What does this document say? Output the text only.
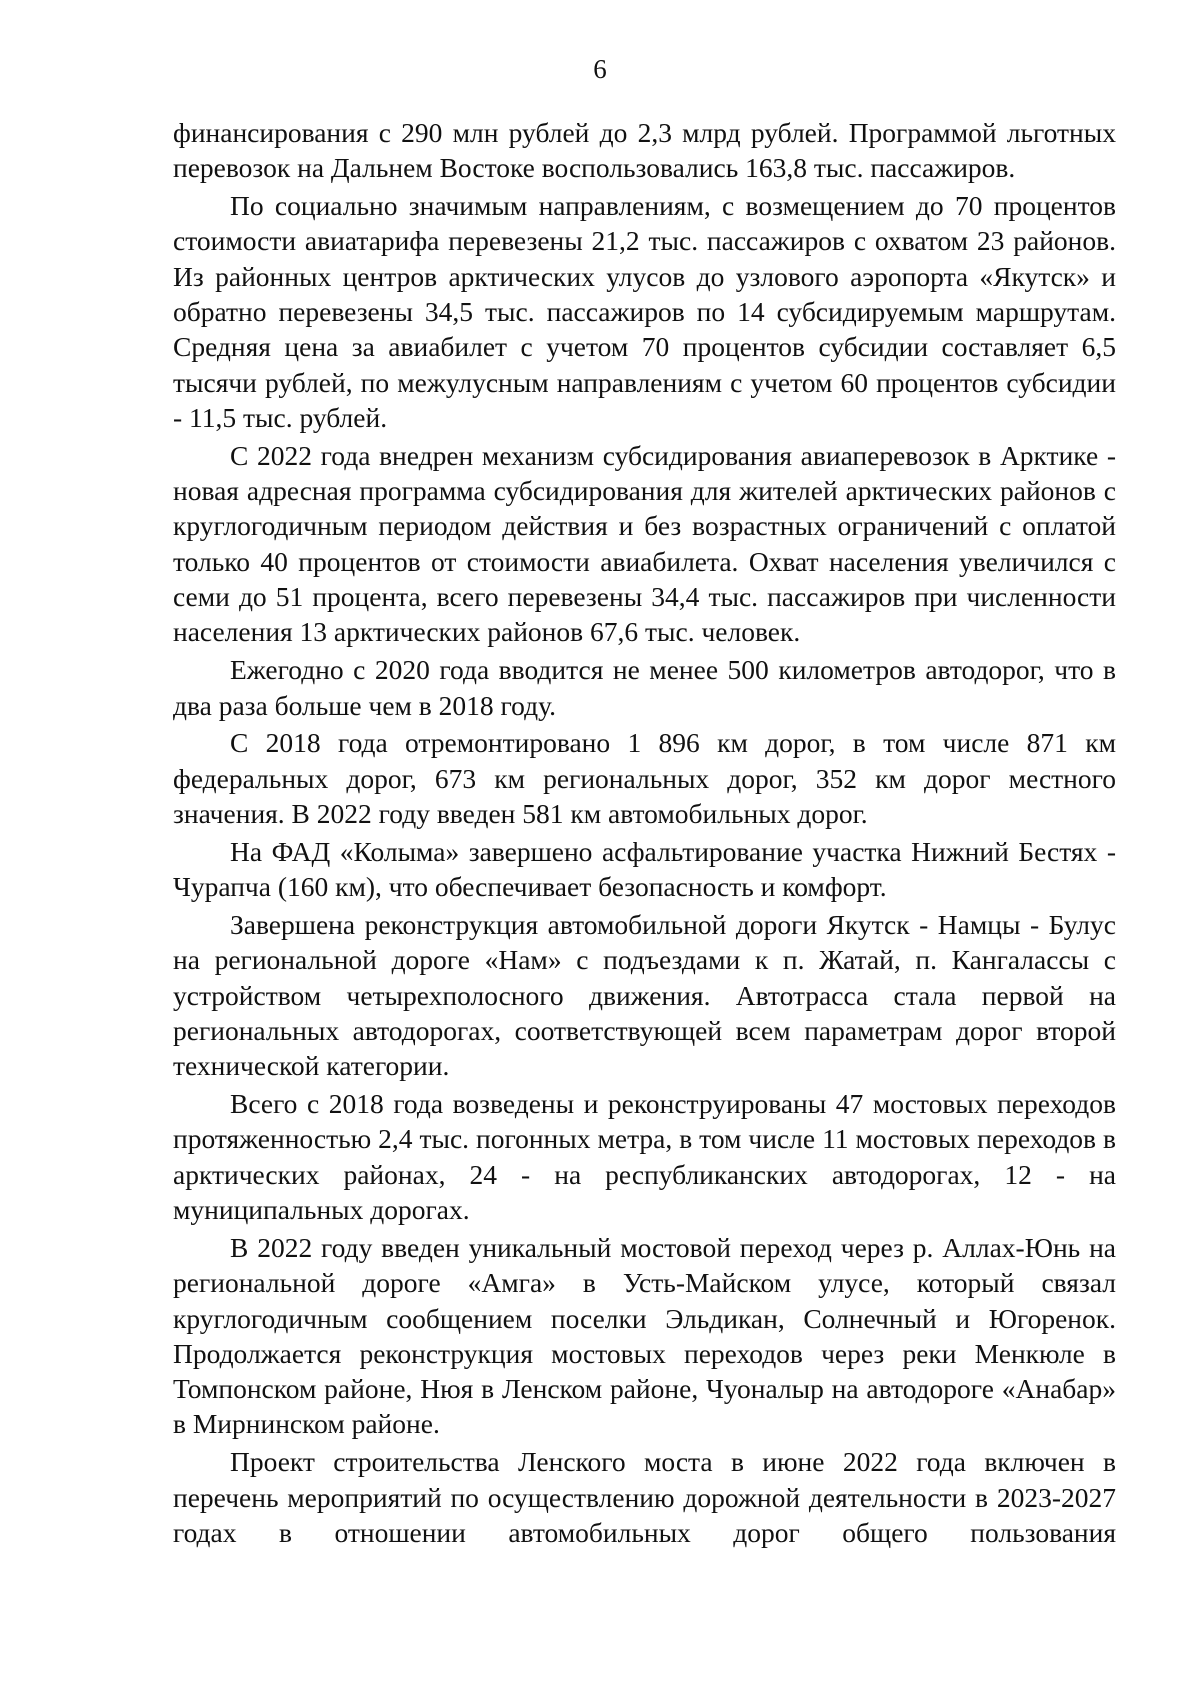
6

финансирования с 290 млн рублей до 2,3 млрд рублей. Программой льготных перевозок на Дальнем Востоке воспользовались 163,8 тыс. пассажиров.

По социально значимым направлениям, с возмещением до 70 процентов стоимости авиатарифа перевезены 21,2 тыс. пассажиров с охватом 23 районов. Из районных центров арктических улусов до узлового аэропорта «Якутск» и обратно перевезены 34,5 тыс. пассажиров по 14 субсидируемым маршрутам. Средняя цена за авиабилет с учетом 70 процентов субсидии составляет 6,5 тысячи рублей, по межулусным направлениям с учетом 60 процентов субсидии - 11,5 тыс. рублей.

С 2022 года внедрен механизм субсидирования авиаперевозок в Арктике - новая адресная программа субсидирования для жителей арктических районов с круглогодичным периодом действия и без возрастных ограничений с оплатой только 40 процентов от стоимости авиабилета. Охват населения увеличился с семи до 51 процента, всего перевезены 34,4 тыс. пассажиров при численности населения 13 арктических районов 67,6 тыс. человек.

Ежегодно с 2020 года вводится не менее 500 километров автодорог, что в два раза больше чем в 2018 году.

С 2018 года отремонтировано 1 896 км дорог, в том числе 871 км федеральных дорог, 673 км региональных дорог, 352 км дорог местного значения. В 2022 году введен 581 км автомобильных дорог.

На ФАД «Колыма» завершено асфальтирование участка Нижний Бестях - Чурапча (160 км), что обеспечивает безопасность и комфорт.

Завершена реконструкция автомобильной дороги Якутск - Намцы - Булус на региональной дороге «Нам» с подъездами к п. Жатай, п. Кангалассы с устройством четырехполосного движения. Автотрасса стала первой на региональных автодорогах, соответствующей всем параметрам дорог второй технической категории.

Всего с 2018 года возведены и реконструированы 47 мостовых переходов протяженностью 2,4 тыс. погонных метра, в том числе 11 мостовых переходов в арктических районах, 24 - на республиканских автодорогах, 12 - на муниципальных дорогах.

В 2022 году введен уникальный мостовой переход через р. Аллах-Юнь на региональной дороге «Амга» в Усть-Майском улусе, который связал круглогодичным сообщением поселки Эльдикан, Солнечный и Югоренок. Продолжается реконструкция мостовых переходов через реки Менкюле в Томпонском районе, Нюя в Ленском районе, Чуоналыр на автодороге «Анабар» в Мирнинском районе.

Проект строительства Ленского моста в июне 2022 года включен в перечень мероприятий по осуществлению дорожной деятельности в 2023-2027 годах в отношении автомобильных дорог общего пользования
